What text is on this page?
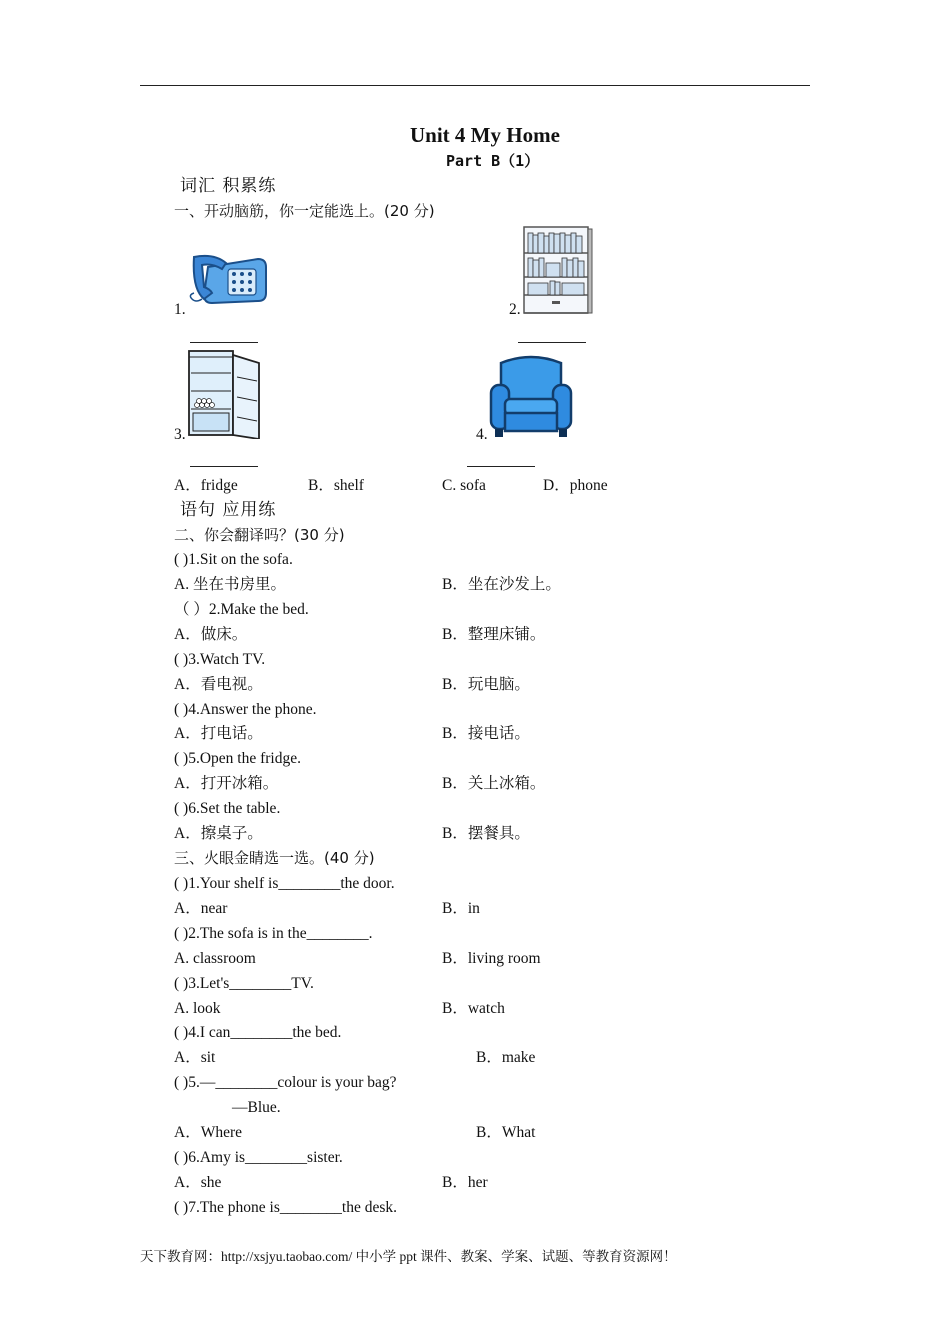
Unit 4 My Home
Part B（1）
词汇 积累练
一、开动脑筋，你一定能选上。(20 分)
1.	2.
3.	4.
A．fridge	B．shelf	C. sofa	D．phone
语句 应用练
二、你会翻译吗？(30 分)
( )1.Sit on the sofa.
A. 坐在书房里。	B．坐在沙发上。
（ ）2.Make the bed.
A．做床。	B．整理床铺。
( )3.Watch TV.
A．看电视。	B．玩电脑。
( )4.Answer the phone.
A．打电话。	B．接电话。
( )5.Open the fridge.
A．打开冰箱。	B．关上冰箱。
( )6.Set the table.
A．擦桌子。	B．摆餐具。
三、火眼金睛选一选。(40 分)
( )1.Your shelf is________the door.
A．near	B．in
( )2.The sofa is in the________.
A. classroom	B．living room
( )3.Let's________TV.
A. look	B．watch
( )4.I can________the bed.
A．sit	B．make
( )5.—________colour is your bag?
—Blue.
A．Where	B．What
( )6.Amy is________sister.
A．she	B．her
( )7.The phone is________the desk.
天下教育网：http://xsjyu.taobao.com/ 中小学 ppt 课件、教案、学案、试题、等教育资源网！
